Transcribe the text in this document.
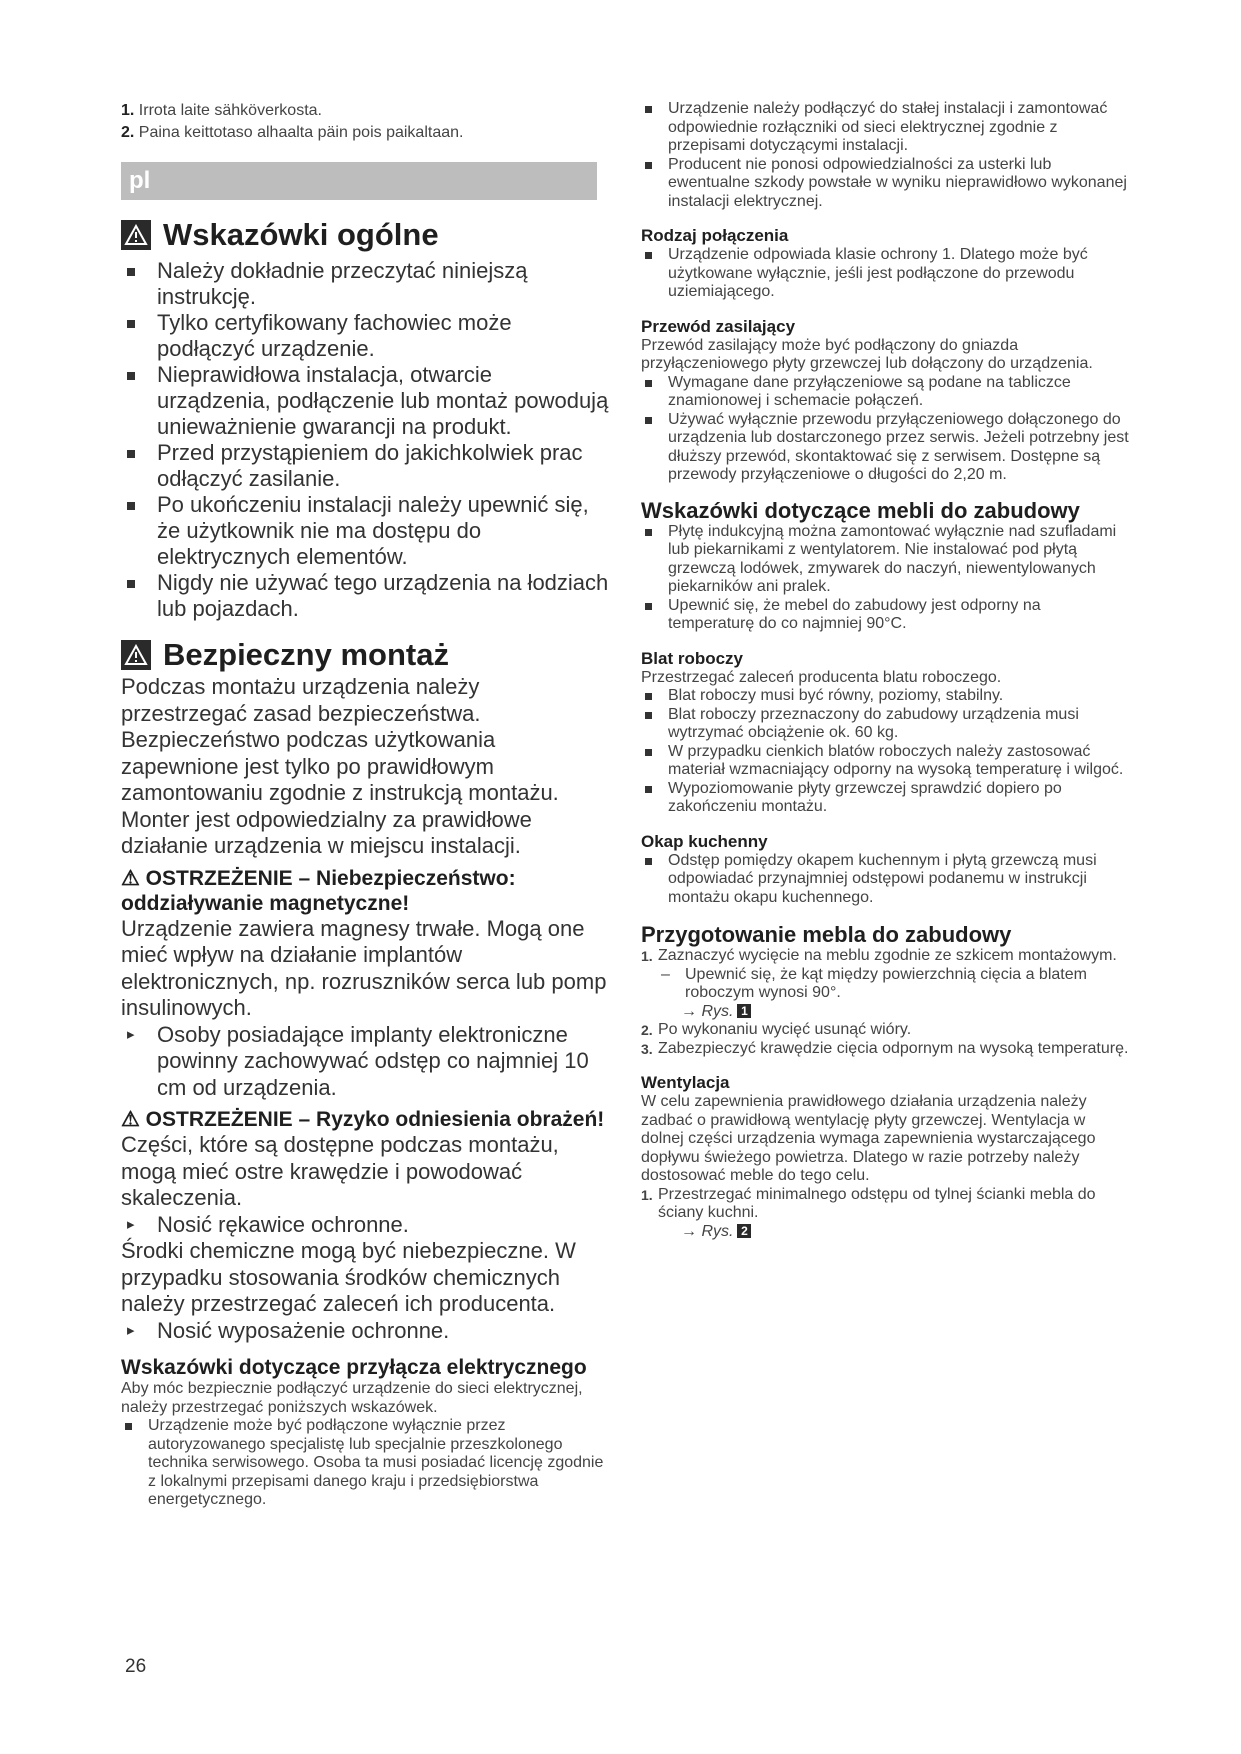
1. Irrota laite sähköverkosta.
2. Paina keittotaso alhaalta päin pois paikaltaan.
pl
Wskazówki ogólne
Należy dokładnie przeczytać niniejszą instrukcję.
Tylko certyfikowany fachowiec może podłączyć urządzenie.
Nieprawidłowa instalacja, otwarcie urządzenia, podłączenie lub montaż powodują unieważnienie gwarancji na produkt.
Przed przystąpieniem do jakichkolwiek prac odłączyć zasilanie.
Po ukończeniu instalacji należy upewnić się, że użytkownik nie ma dostępu do elektrycznych elementów.
Nigdy nie używać tego urządzenia na łodziach lub pojazdach.
Bezpieczny montaż

Podczas montażu urządzenia należy przestrzegać zasad bezpieczeństwa.

Bezpieczeństwo podczas użytkowania zapewnione jest tylko po prawidłowym zamontowaniu zgodnie z instrukcją montażu. Monter jest odpowiedzialny za prawidłowe działanie urządzenia w miejscu instalacji.

⚠ OSTRZEŻENIE – Niebezpieczeństwo: oddziaływanie magnetyczne!

Urządzenie zawiera magnesy trwałe. Mogą one mieć wpływ na działanie implantów elektronicznych, np. rozruszników serca lub pomp insulinowych.

▸ Osoby posiadające implanty elektroniczne powinny zachowywać odstęp co najmniej 10 cm od urządzenia.

⚠ OSTRZEŻENIE – Ryzyko odniesienia obrażeń!

Części, które są dostępne podczas montażu, mogą mieć ostre krawędzie i powodować skaleczenia.

▸ Nosić rękawice ochronne.

Środki chemiczne mogą być niebezpieczne. W przypadku stosowania środków chemicznych należy przestrzegać zaleceń ich producenta.

▸ Nosić wyposażenie ochronne.

Wskazówki dotyczące przyłącza elektrycznego

Aby móc bezpiecznie podłączyć urządzenie do sieci elektrycznej, należy przestrzegać poniższych wskazówek.

Urządzenie może być podłączone wyłącznie przez autoryzowanego specjalistę lub specjalnie przeszkolonego technika serwisowego. Osoba ta musi posiadać licencję zgodnie z lokalnymi przepisami danego kraju i przedsiębiorstwa energetycznego.
Urządzenie należy podłączyć do stałej instalacji i zamontować odpowiednie rozłączniki od sieci elektrycznej zgodnie z przepisami dotyczącymi instalacji.
Producent nie ponosi odpowiedzialności za usterki lub ewentualne szkody powstałe w wyniku nieprawidłowo wykonanej instalacji elektrycznej.
Rodzaj połączenia
Urządzenie odpowiada klasie ochrony 1. Dlatego może być użytkowane wyłącznie, jeśli jest podłączone do przewodu uziemiającego.
Przewód zasilający

Przewód zasilający może być podłączony do gniazda przyłączeniowego płyty grzewczej lub dołączony do urządzenia.

Wymagane dane przyłączeniowe są podane na tabliczce znamionowej i schemacie połączeń.
Używać wyłącznie przewodu przyłączeniowego dołączonego do urządzenia lub dostarczonego przez serwis. Jeżeli potrzebny jest dłuższy przewód, skontaktować się z serwisem. Dostępne są przewody przyłączeniowe o długości do 2,20 m.

Wskazówki dotyczące mebli do zabudowy

Płytę indukcyjną można zamontować wyłącznie nad szufladami lub piekarnikami z wentylatorem. Nie instalować pod płytą grzewczą lodówek, zmywarek do naczyń, niewentylowanych piekarników ani pralek.
Upewnić się, że mebel do zabudowy jest odporny na temperaturę do co najmniej 90°C.
Blat roboczy

Przestrzegać zaleceń producenta blatu roboczego.

Blat roboczy musi być równy, poziomy, stabilny.
Blat roboczy przeznaczony do zabudowy urządzenia musi wytrzymać obciążenie ok. 60 kg.
W przypadku cienkich blatów roboczych należy zastosować materiał wzmacniający odporny na wysoką temperaturę i wilgoć.
Wypoziomowanie płyty grzewczej sprawdzić dopiero po zakończeniu montażu.
Okap kuchenny
Odstęp pomiędzy okapem kuchennym i płytą grzewczą musi odpowiadać przynajmniej odstępowi podanemu w instrukcji montażu okapu kuchennego.

Przygotowanie mebla do zabudowy

1. Zaznaczyć wycięcie na meblu zgodnie ze szkicem montażowym.
– Upewnić się, że kąt między powierzchnią cięcia a blatem roboczym wynosi 90°.
→ Rys. 1
2. Po wykonaniu wycięć usunąć wióry.
3. Zabezpieczyć krawędzie cięcia odpornym na wysoką temperaturę.
Wentylacja

W celu zapewnienia prawidłowego działania urządzenia należy zadbać o prawidłową wentylację płyty grzewczej. Wentylacja w dolnej części urządzenia wymaga zapewnienia wystarczającego dopływu świeżego powietrza. Dlatego w razie potrzeby należy dostosować meble do tego celu.

1. Przestrzegać minimalnego odstępu od tylnej ścianki mebla do ściany kuchni.
→ Rys. 2
26
